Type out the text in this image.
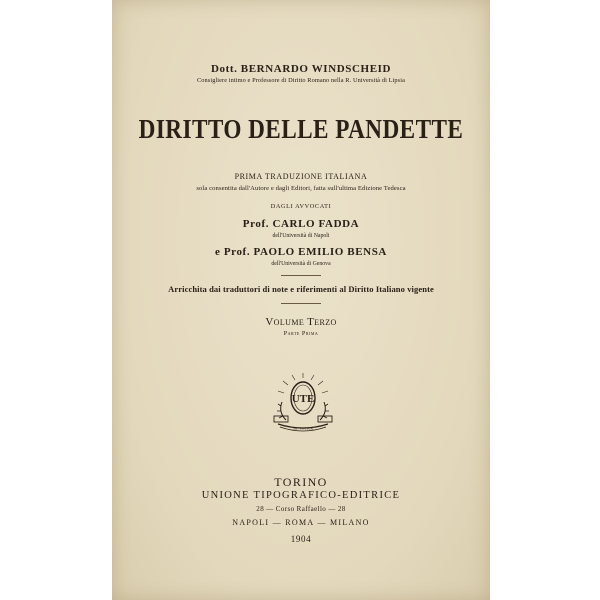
Dott. BERNARDO WINDSCHEID
Consigliere intimo e Professore di Diritto Romano nella R. Università di Lipsia
DIRITTO DELLE PANDETTE
PRIMA TRADUZIONE ITALIANA
sola consentita dall'Autore e dagli Editori, fatta sull'ultima Edizione Tedesca
DAGLI AVVOCATI
Prof. CARLO FADDA
dell'Università di Napoli
e Prof. PAOLO EMILIO BENSA
dell'Università di Genova
Arricchita dai traduttori di note e riferimenti al Diritto Italiano vigente
Volume Terzo
Parte Prima
UTE
SIC VIVITUR
TORINO
UNIONE TIPOGRAFICO-EDITRICE
28 — Corso Raffaello — 28
NAPOLI — ROMA — MILANO
1904
